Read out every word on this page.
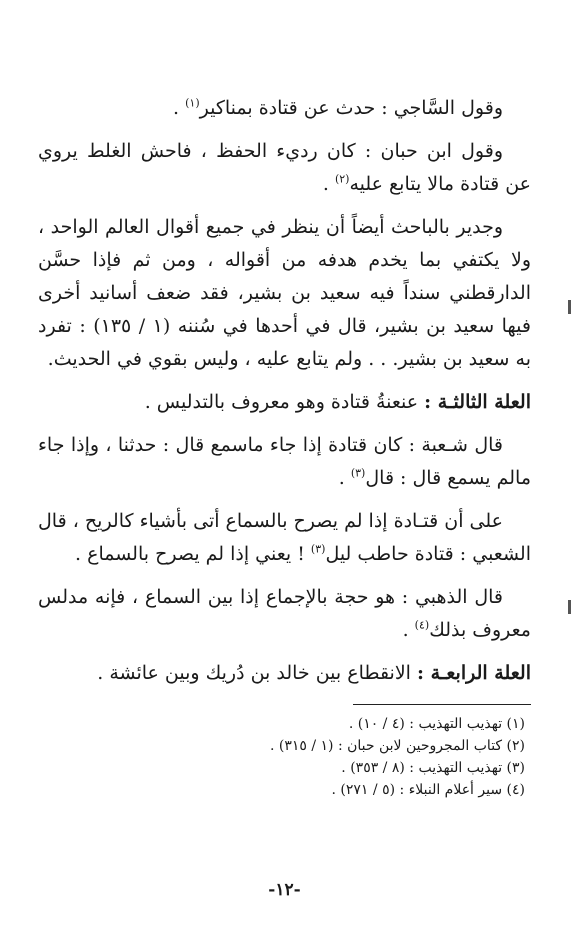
وقول السَّاجي : حدث عن قتادة بمناكير$^{(١)}$ .

وقول ابن حبان : كان رديء الحفظ ، فاحش الغلط يروي عن قتادة مالا يتابع عليه$^{(٢)}$ .

وجدير بالباحث أيضاً أن ينظر في جميع أقوال العالم الواحد ، ولا يكتفي بما يخدم هدفه من أقواله ، ومن ثم فإذا حسَّن الدارقطني سنداً فيه سعيد بن بشير، فقد ضعف أسانيد أخرى فيها سعيد بن بشير، قال في أحدها في سُننه (١ / ١٣٥) : تفرد به سعيد بن بشير. . . ولم يتابع عليه ، وليس بقوي في الحديث.

العلة الثالثـة : عنعنةُ قتادة وهو معروف بالتدليس .

قال شـعبة : كان قتادة إذا جاء ماسمع قال : حدثنا ، وإذا جاء مالم يسمع قال : قال$^{(٣)}$ .

على أن قتـادة إذا لم يصرح بالسماع أتى بأشياء كالريح ، قال الشعبي : قتادة حاطب ليل$^{(٣)}$ ! يعني إذا لم يصرح بالسماع .

قال الذهبي : هو حجة بالإجماع إذا بين السماع ، فإنه مدلس معروف بذلك$^{(٤)}$ .

العلة الرابعـة : الانقطاع بين خالد بن دُريك وبين عائشة .

(١) تهذيب التهذيب : (٤ / ١٠) .
(٢) كتاب المجروحين لابن حبان : (١ / ٣١٥) .
(٣) تهذيب التهذيب : (٨ / ٣٥٣) .
(٤) سير أعلام النبلاء : (٥ / ٢٧١) .
-١٢-
